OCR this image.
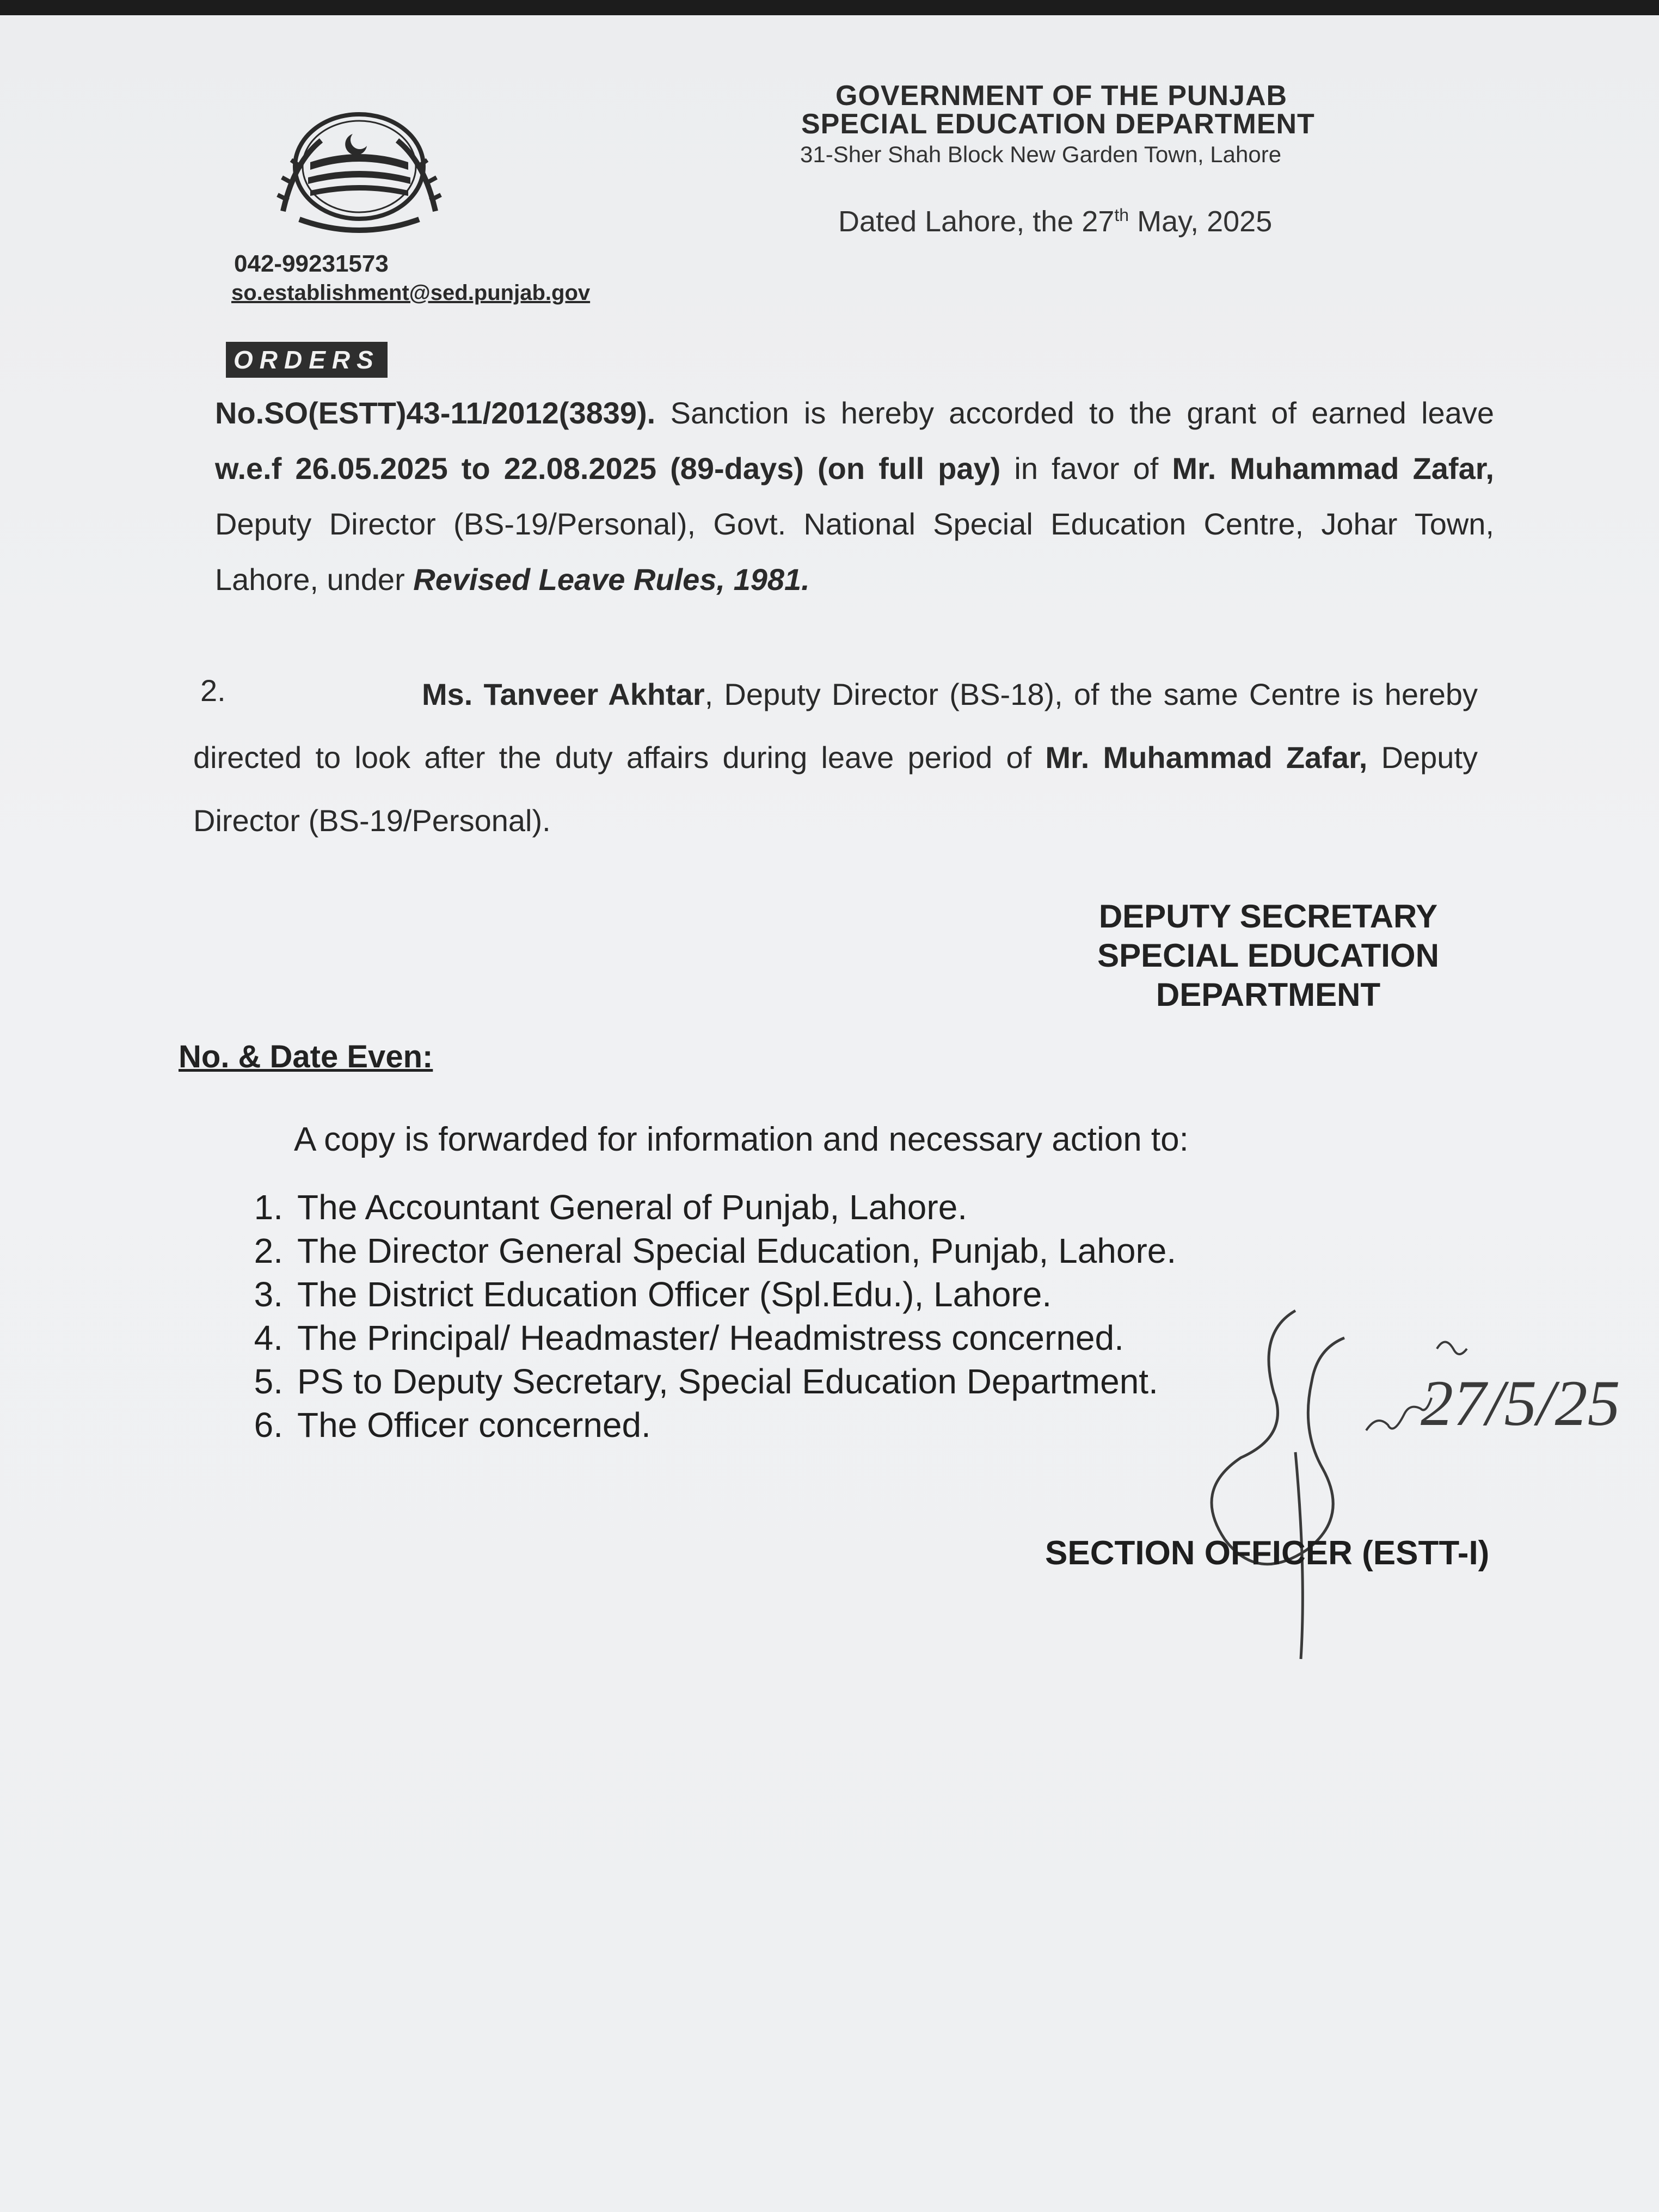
042-99231573
so.establishment@sed.punjab.gov
GOVERNMENT OF THE PUNJAB
SPECIAL EDUCATION DEPARTMENT
31-Sher Shah Block New Garden Town, Lahore
Dated Lahore, the 27th May, 2025
ORDERS
No.SO(ESTT)43-11/2012(3839). Sanction is hereby accorded to the grant of earned leave w.e.f 26.05.2025 to 22.08.2025 (89-days) (on full pay) in favor of Mr. Muhammad Zafar, Deputy Director (BS-19/Personal), Govt. National Special Education Centre, Johar Town, Lahore, under Revised Leave Rules, 1981.
2.	Ms. Tanveer Akhtar, Deputy Director (BS-18), of the same Centre is hereby directed to look after the duty affairs during leave period of Mr. Muhammad Zafar, Deputy Director (BS-19/Personal).
DEPUTY SECRETARY
SPECIAL EDUCATION
DEPARTMENT
No. & Date Even:
A copy is forwarded for information and necessary action to:
1. The Accountant General of Punjab, Lahore.
2. The Director General Special Education, Punjab, Lahore.
3. The District Education Officer (Spl.Edu.), Lahore.
4. The Principal/ Headmaster/ Headmistress concerned.
5. PS to Deputy Secretary, Special Education Department.
6. The Officer concerned.	27/5/25
SECTION OFFICER (ESTT-I)
